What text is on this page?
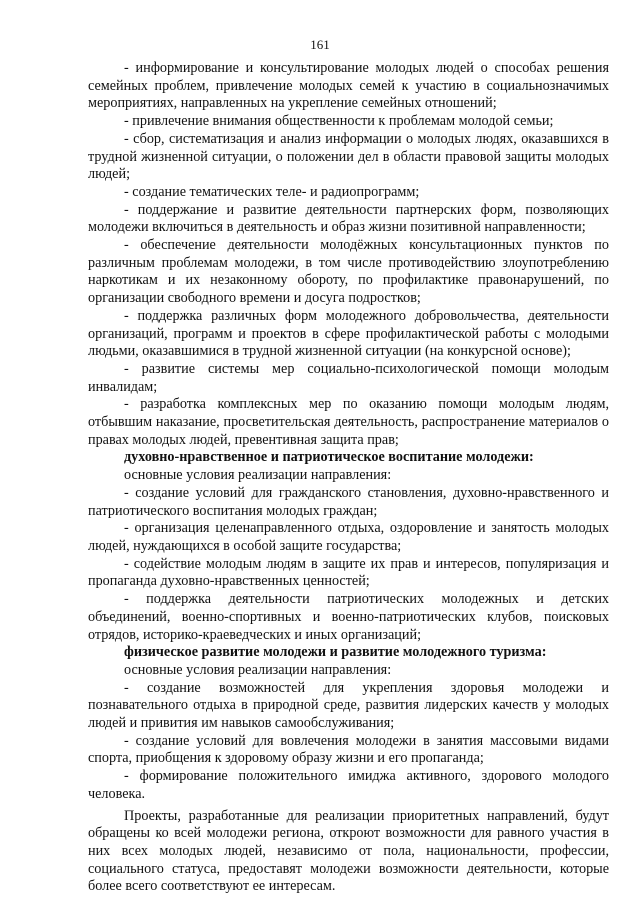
161

- информирование и консультирование молодых людей о способах решения семейных проблем, привлечение молодых семей к участию в социальнозначимых мероприятиях, направленных на укрепление семейных отношений;

- привлечение внимания общественности к проблемам молодой семьи;

- сбор, систематизация и анализ информации о молодых людях, оказавшихся в трудной жизненной ситуации, о положении дел в области правовой защиты молодых людей;

- создание тематических теле- и радиопрограмм;

- поддержание и развитие деятельности партнерских форм, позволяющих молодежи включиться в деятельность и образ жизни позитивной направленности;

- обеспечение деятельности молодёжных консультационных пунктов по различным проблемам молодежи, в том числе противодействию злоупотреблению наркотикам и их незаконному обороту, по профилактике правонарушений, по организации свободного времени и досуга подростков;

- поддержка различных форм молодежного добровольчества, деятельности организаций, программ и проектов в сфере профилактической работы с молодыми людьми, оказавшимися в трудной жизненной ситуации (на конкурсной основе);

- развитие системы мер социально-психологической помощи молодым инвалидам;

- разработка комплексных мер по оказанию помощи молодым людям, отбывшим наказание, просветительская деятельность, распространение материалов о правах молодых людей, превентивная защита прав;

духовно-нравственное и патриотическое воспитание молодежи:

основные условия реализации направления:

- создание условий для гражданского становления, духовно-нравственного и патриотического воспитания молодых граждан;

- организация целенаправленного отдыха, оздоровление и занятость молодых людей, нуждающихся в особой защите государства;

- содействие молодым людям в защите их прав и интересов, популяризация и пропаганда духовно-нравственных ценностей;

- поддержка деятельности патриотических молодежных и детских объединений, военно-спортивных и военно-патриотических клубов, поисковых отрядов, историко-краеведческих и иных организаций;

физическое развитие молодежи и развитие молодежного туризма:

основные условия реализации направления:

- создание возможностей для укрепления здоровья молодежи и познавательного отдыха в природной среде, развития лидерских качеств у молодых людей и привития им навыков самообслуживания;

- создание условий для вовлечения молодежи в занятия массовыми видами спорта, приобщения к здоровому образу жизни и его пропаганда;

- формирование положительного имиджа активного, здорового молодого человека.

Проекты, разработанные для реализации приоритетных направлений, будут обращены ко всей молодежи региона, откроют возможности для равного участия в них всех молодых людей, независимо от пола, национальности, профессии, социального статуса, предоставят молодежи возможности деятельности, которые более всего соответствуют ее интересам.
